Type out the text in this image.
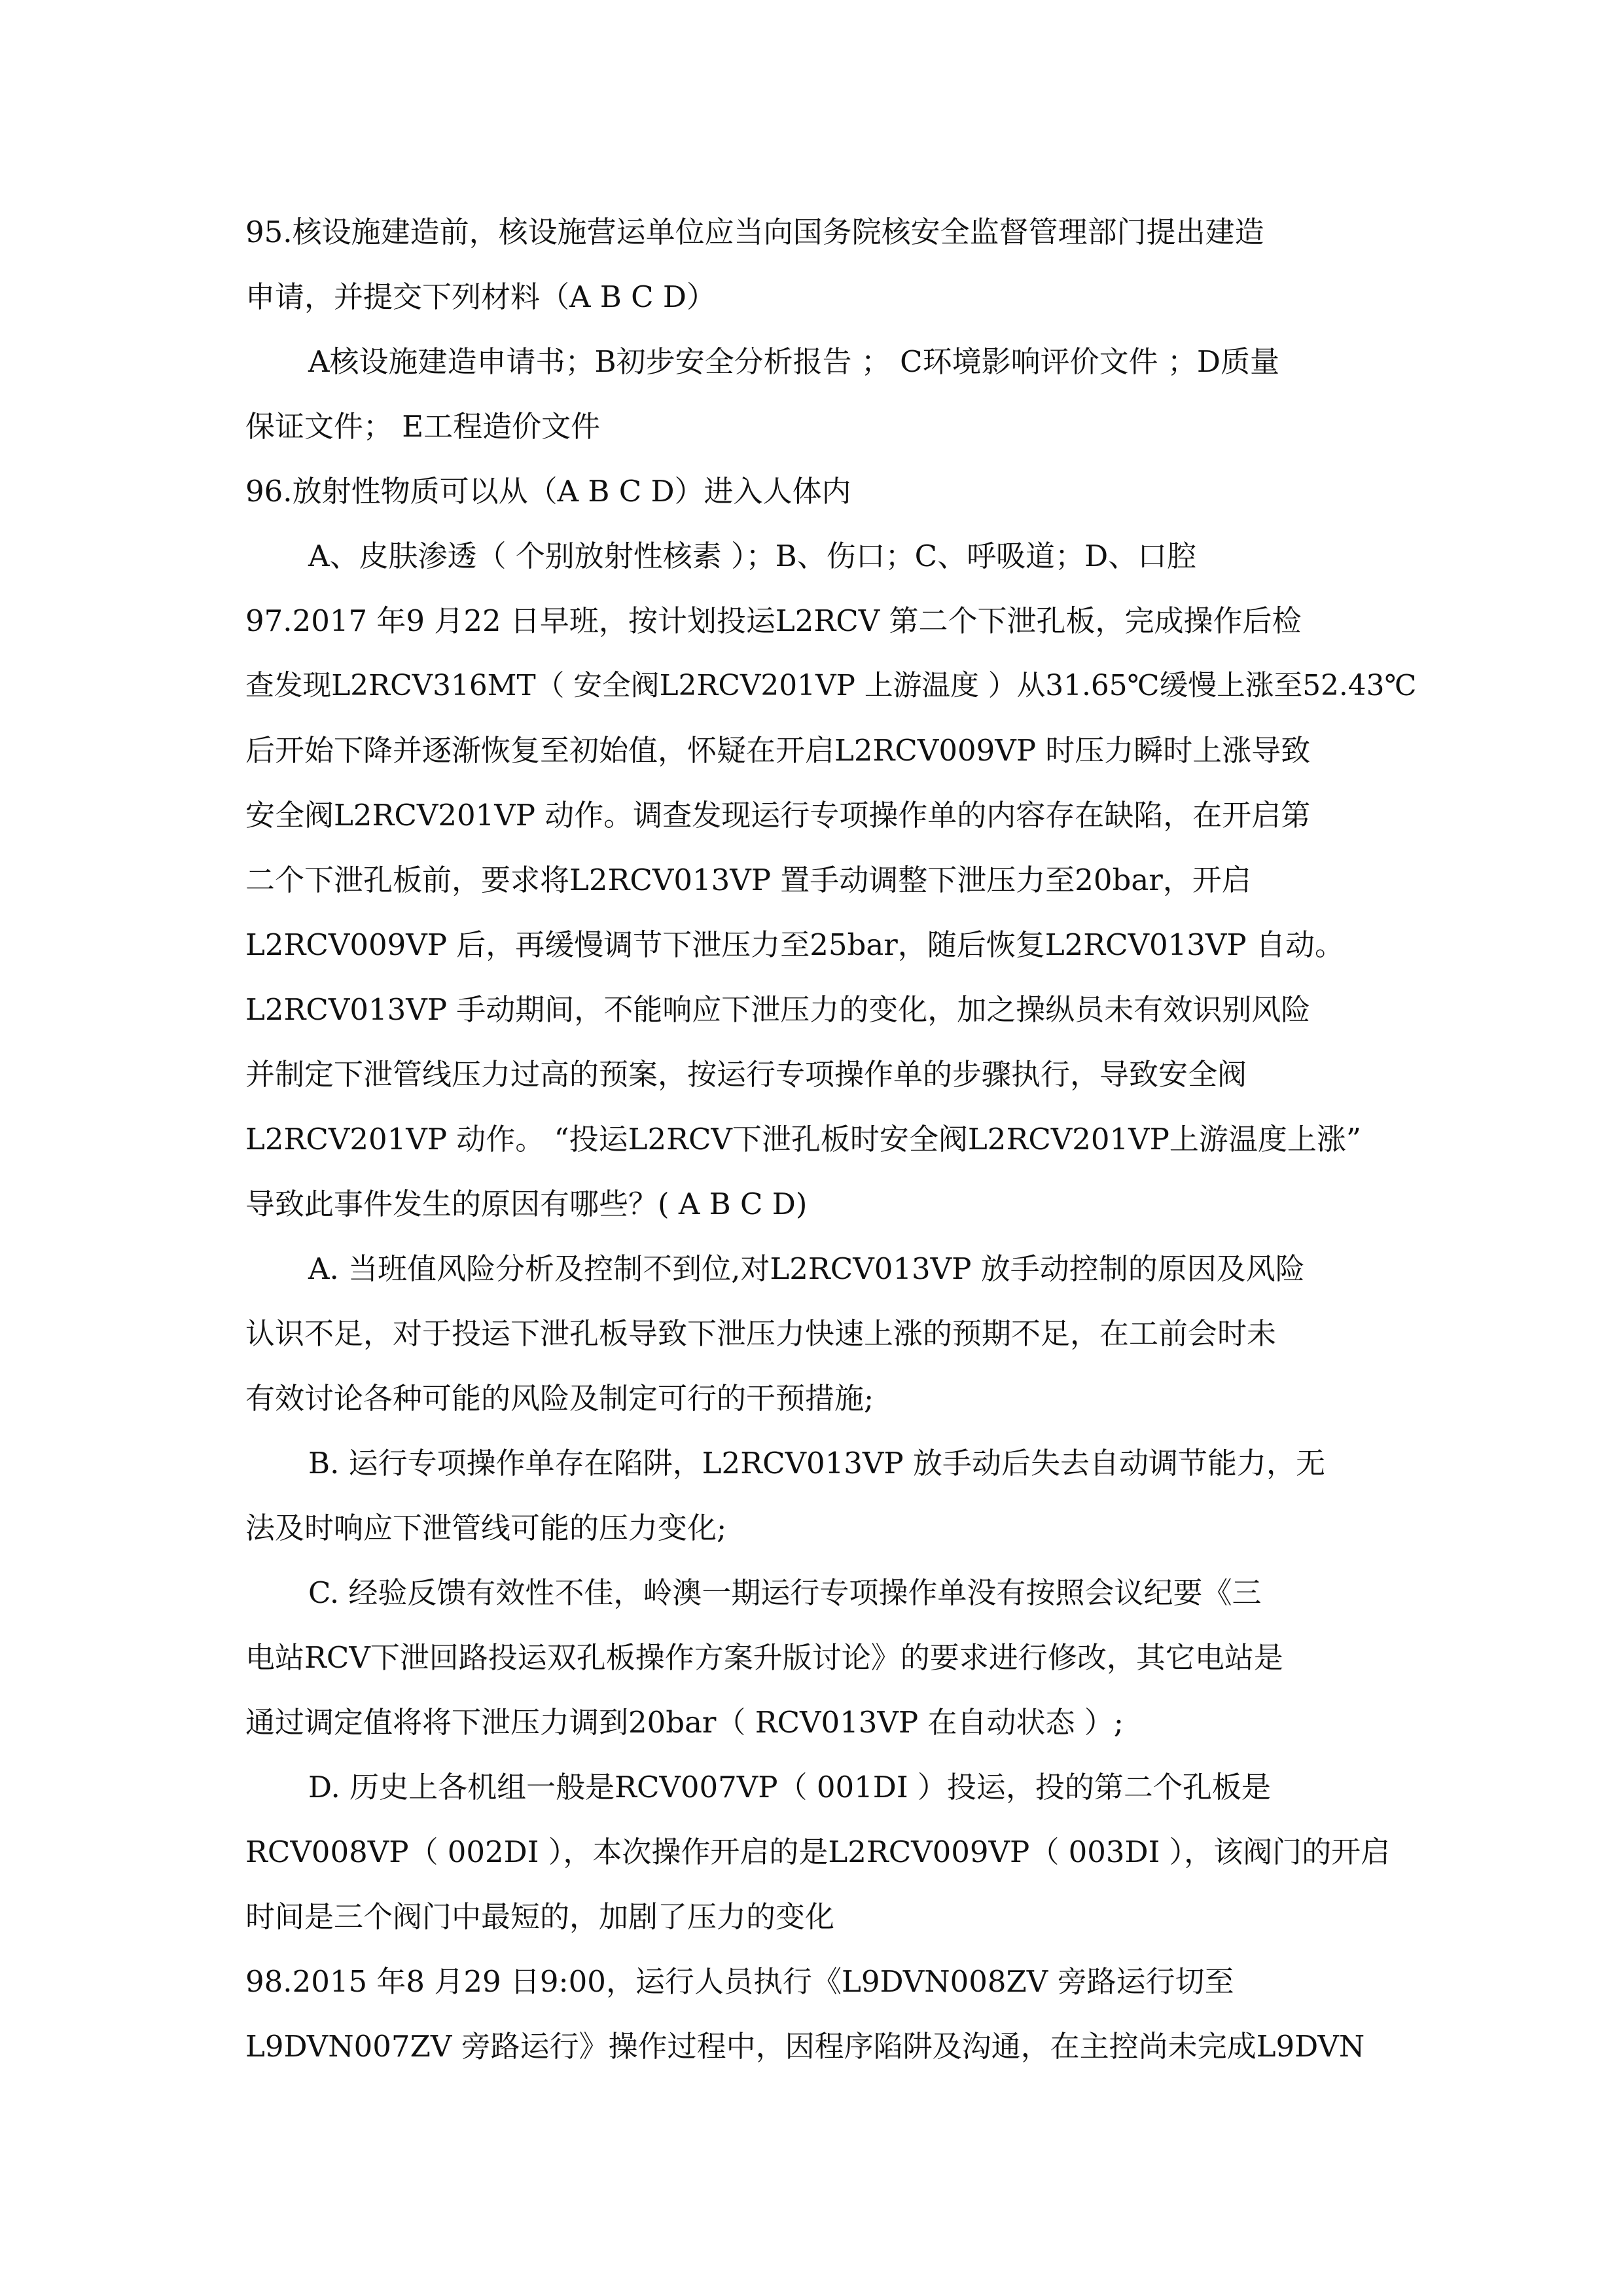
95.核设施建造前，核设施营运单位应当向国务院核安全监督管理部门提出建造
申请，并提交下列材料（A B C D）
A核设施建造申请书；B初步安全分析报告 ； C环境影响评价文件 ；D质量
保证文件； E工程造价文件
96.放射性物质可以从（A B C D）进入人体内
A、皮肤渗透（ 个别放射性核素 ）；B、伤口；C、呼吸道；D、口腔
97.2017 年9 月22 日早班，按计划投运L2RCV 第二个下泄孔板，完成操作后检
查发现L2RCV316MT（ 安全阀L2RCV201VP 上游温度 ）从31.65℃缓慢上涨至52.43℃
后开始下降并逐渐恢复至初始值，怀疑在开启L2RCV009VP 时压力瞬时上涨导致
安全阀L2RCV201VP 动作。调查发现运行专项操作单的内容存在缺陷，在开启第
二个下泄孔板前，要求将L2RCV013VP 置手动调整下泄压力至20bar，开启
L2RCV009VP 后，再缓慢调节下泄压力至25bar，随后恢复L2RCV013VP 自动。
L2RCV013VP 手动期间，不能响应下泄压力的变化，加之操纵员未有效识别风险
并制定下泄管线压力过高的预案，按运行专项操作单的步骤执行，导致安全阀
L2RCV201VP 动作。 “投运L2RCV下泄孔板时安全阀L2RCV201VP上游温度上涨”
导致此事件发生的原因有哪些？( A B C D)
A. 当班值风险分析及控制不到位,对L2RCV013VP 放手动控制的原因及风险
认识不足，对于投运下泄孔板导致下泄压力快速上涨的预期不足，在工前会时未
有效讨论各种可能的风险及制定可行的干预措施;
B. 运行专项操作单存在陷阱，L2RCV013VP 放手动后失去自动调节能力，无
法及时响应下泄管线可能的压力变化;
C. 经验反馈有效性不佳，岭澳一期运行专项操作单没有按照会议纪要《三
电站RCV下泄回路投运双孔板操作方案升版讨论》的要求进行修改，其它电站是
通过调定值将将下泄压力调到20bar（ RCV013VP 在自动状态 ）;
D. 历史上各机组一般是RCV007VP（ 001DI ）投运，投的第二个孔板是
RCV008VP（ 002DI ），本次操作开启的是L2RCV009VP（ 003DI ），该阀门的开启
时间是三个阀门中最短的，加剧了压力的变化
98.2015 年8 月29 日9:00，运行人员执行《L9DVN008ZV 旁路运行切至
L9DVN007ZV 旁路运行》操作过程中，因程序陷阱及沟通，在主控尚未完成L9DVN
